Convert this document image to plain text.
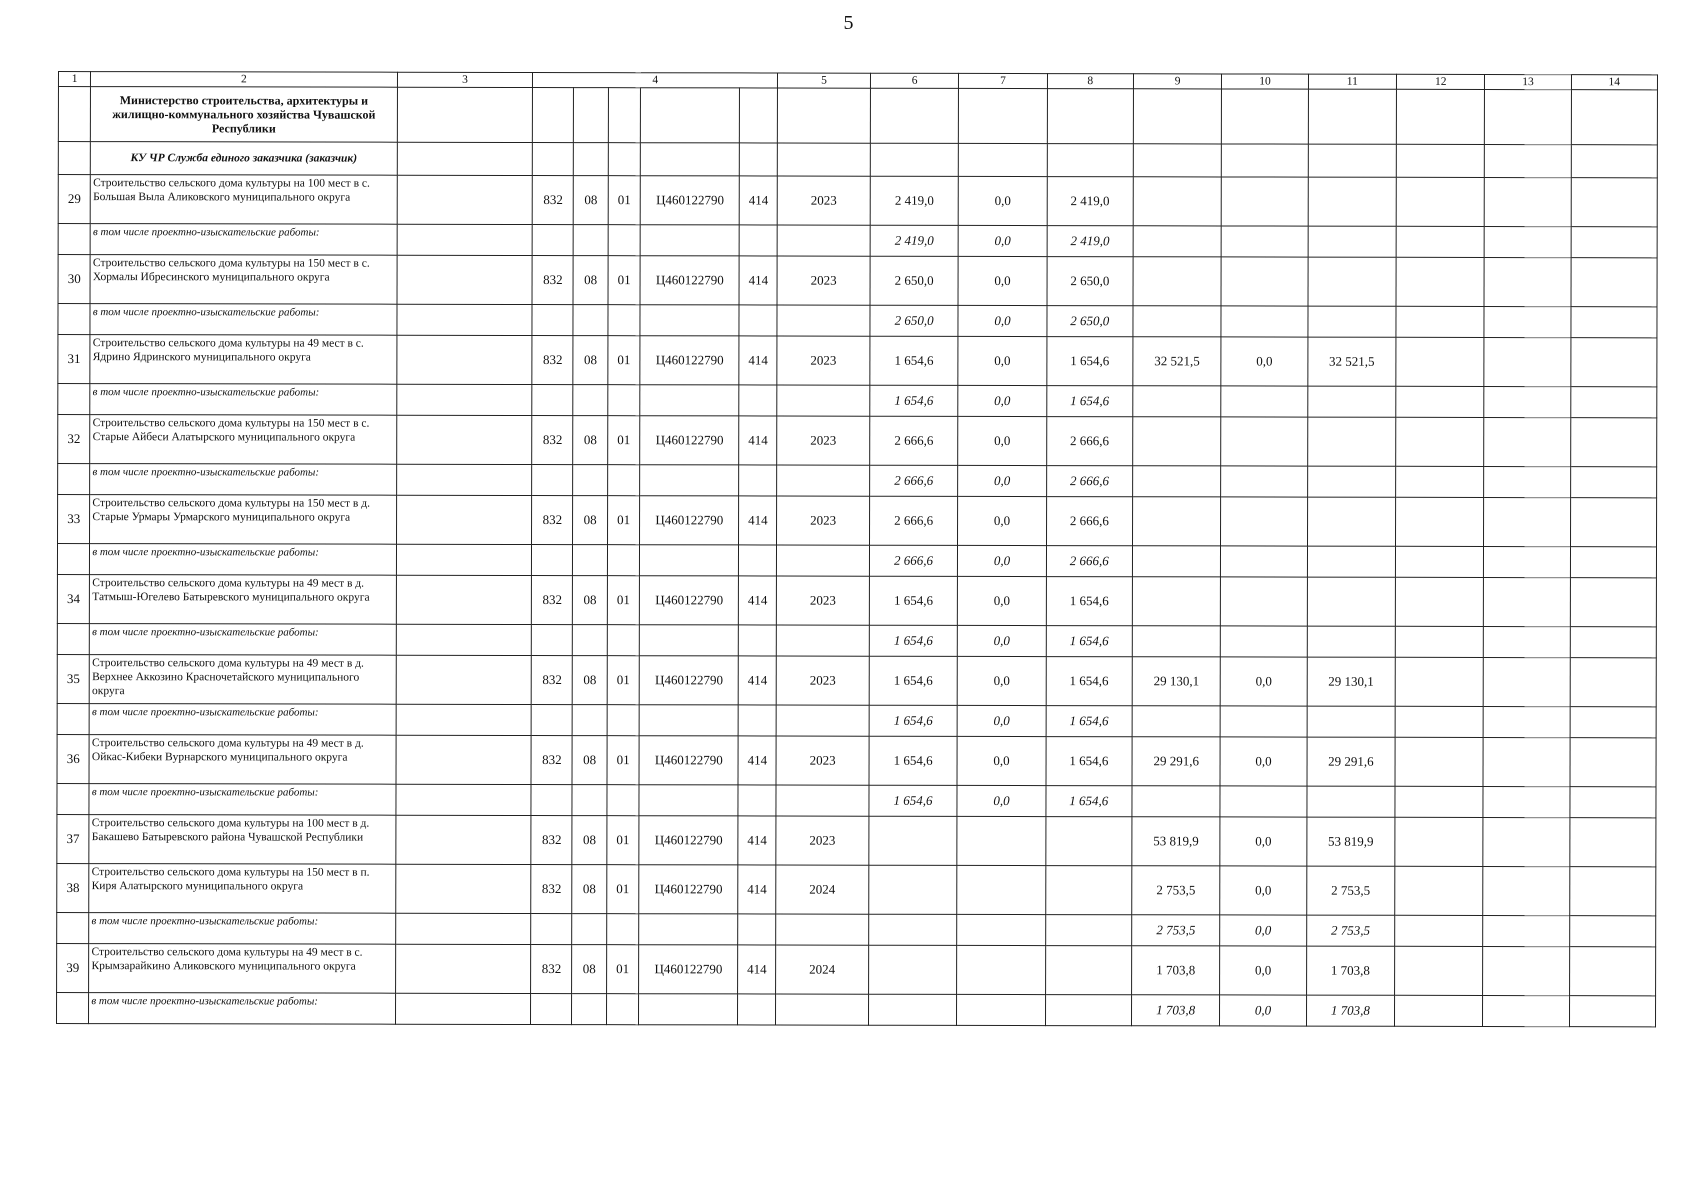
5
1	2	3	4					5	6	7	8	9	10	11	12	13	14
	Министерство строительства, архитектуры и жилищно-коммунального хозяйства Чувашской Республики																
	КУ ЧР Служба единого заказчика (заказчик)																
29	Строительство сельского дома культуры на 100 мест в с. Большая Выла Аликовского муниципального округа		832	08	01	Ц460122790	414	2023	2 419,0	0,0	2 419,0						
	в том числе проектно-изыскательские работы:								2 419,0	0,0	2 419,0						
30	Строительство сельского дома культуры на 150 мест в с. Хормалы Ибресинского муниципального округа		832	08	01	Ц460122790	414	2023	2 650,0	0,0	2 650,0						
	в том числе проектно-изыскательские работы:								2 650,0	0,0	2 650,0						
31	Строительство сельского дома культуры на 49 мест в с. Ядрино Ядринского муниципального округа		832	08	01	Ц460122790	414	2023	1 654,6	0,0	1 654,6	32 521,5	0,0	32 521,5			
	в том числе проектно-изыскательские работы:								1 654,6	0,0	1 654,6						
32	Строительство сельского дома культуры на 150 мест в с. Старые Айбеси Алатырского муниципального округа		832	08	01	Ц460122790	414	2023	2 666,6	0,0	2 666,6						
	в том числе проектно-изыскательские работы:								2 666,6	0,0	2 666,6						
33	Строительство сельского дома культуры на 150 мест в д. Старые Урмары Урмарского муниципального округа		832	08	01	Ц460122790	414	2023	2 666,6	0,0	2 666,6						
	в том числе проектно-изыскательские работы:								2 666,6	0,0	2 666,6						
34	Строительство сельского дома культуры на 49 мест в д. Татмыш-Югелево Батыревского муниципального округа		832	08	01	Ц460122790	414	2023	1 654,6	0,0	1 654,6						
	в том числе проектно-изыскательские работы:								1 654,6	0,0	1 654,6						
35	Строительство сельского дома культуры на 49 мест в д. Верхнее Аккозино Красночетайского муниципального округа		832	08	01	Ц460122790	414	2023	1 654,6	0,0	1 654,6	29 130,1	0,0	29 130,1			
	в том числе проектно-изыскательские работы:								1 654,6	0,0	1 654,6						
36	Строительство сельского дома культуры на 49 мест в д. Ойкас-Кибеки Вурнарского муниципального округа		832	08	01	Ц460122790	414	2023	1 654,6	0,0	1 654,6	29 291,6	0,0	29 291,6			
	в том числе проектно-изыскательские работы:								1 654,6	0,0	1 654,6						
37	Строительство сельского дома культуры на 100 мест в д. Бакашево Батыревского района Чувашской Республики		832	08	01	Ц460122790	414	2023				53 819,9	0,0	53 819,9			
38	Строительство сельского дома культуры на 150 мест в п. Киря Алатырского муниципального округа		832	08	01	Ц460122790	414	2024				2 753,5	0,0	2 753,5			
	в том числе проектно-изыскательские работы:											2 753,5	0,0	2 753,5			
39	Строительство сельского дома культуры на 49 мест в с. Крымзарайкино Аликовского муниципального округа		832	08	01	Ц460122790	414	2024				1 703,8	0,0	1 703,8			
	в том числе проектно-изыскательские работы:											1 703,8	0,0	1 703,8			
